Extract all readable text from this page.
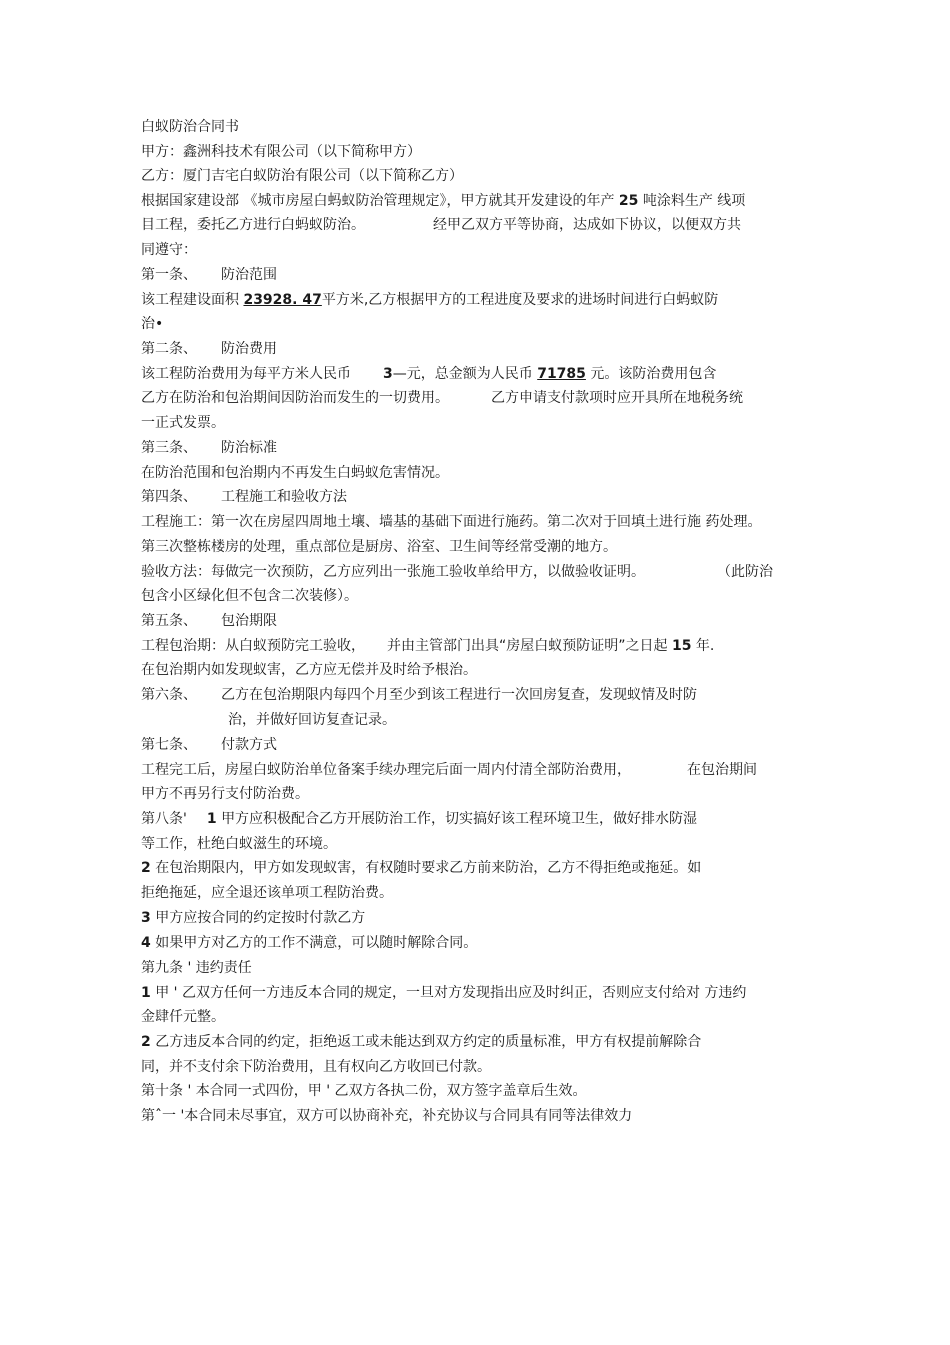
白蚁防治合同书
甲方：鑫洲科技术有限公司（以下简称甲方）
乙方：厦门吉宅白蚁防治有限公司（以下简称乙方）
根据国家建设部 《城市房屋白蚂蚁防治管理规定》，甲方就其开发建设的年产 25 吨涂料生产 线项
目工程，委托乙方进行白蚂蚁防治。	经甲乙双方平等协商，达成如下协议，以便双方共
同遵守：
第一条、 防治范围
该工程建设面积 23928. 47平方米,乙方根据甲方的工程进度及要求的进场时间进行白蚂蚁防
治•
第二条、 防治费用
该工程防治费用为每平方米人民币 3—元，总金额为人民币 71785 元。该防治费用包含
乙方在防治和包治期间因防治而发生的一切费用。	乙方申请支付款项时应开具所在地税务统
一正式发票。
第三条、 防治标准
在防治范围和包治期内不再发生白蚂蚁危害情况。
第四条、 工程施工和验收方法
工程施工：第一次在房屋四周地土壤、墙基的基础下面进行施药。第二次对于回填土进行施 药处理。
第三次整栋楼房的处理，重点部位是厨房、浴室、卫生间等经常受潮的地方。
验收方法：每做完一次预防，乙方应列出一张施工验收单给甲方，以做验收证明。	（此防治
包含小区绿化但不包含二次装修）。
第五条、 包治期限
工程包治期：从白蚁预防完工验收， 并由主管部门出具“房屋白蚁预防证明”之日起 15 年.
在包治期内如发现蚁害，乙方应无偿并及时给予根治。
第六条、 乙方在包治期限内每四个月至少到该工程进行一次回房复查，发现蚁情及时防
治，并做好回访复查记录。
第七条、 付款方式
工程完工后，房屋白蚁防治单位备案手续办理完后面一周内付清全部防治费用，	在包治期间
甲方不再另行支付防治费。
第八条' 1 甲方应积极配合乙方开展防治工作，切实搞好该工程环境卫生，做好排水防湿
等工作，杜绝白蚁滋生的环境。
2 在包治期限内，甲方如发现蚁害，有权随时要求乙方前来防治，乙方不得拒绝或拖延。如
拒绝拖延，应全退还该单项工程防治费。
3 甲方应按合同的约定按时付款乙方
4 如果甲方对乙方的工作不满意，可以随时解除合同。
第九条 ' 违约责任
1 甲 ' 乙双方任何一方违反本合同的规定，一旦对方发现指出应及时纠正，否则应支付给对 方违约
金肆仟元整。
2 乙方违反本合同的约定，拒绝返工或未能达到双方约定的质量标准，甲方有权提前解除合
同，并不支付余下防治费用，且有权向乙方收回已付款。
第十条 ' 本合同一式四份，甲 ' 乙双方各执二份，双方签字盖章后生效。
第ˆ一 '本合同未尽事宜，双方可以协商补充，补充协议与合同具有同等法律效力
